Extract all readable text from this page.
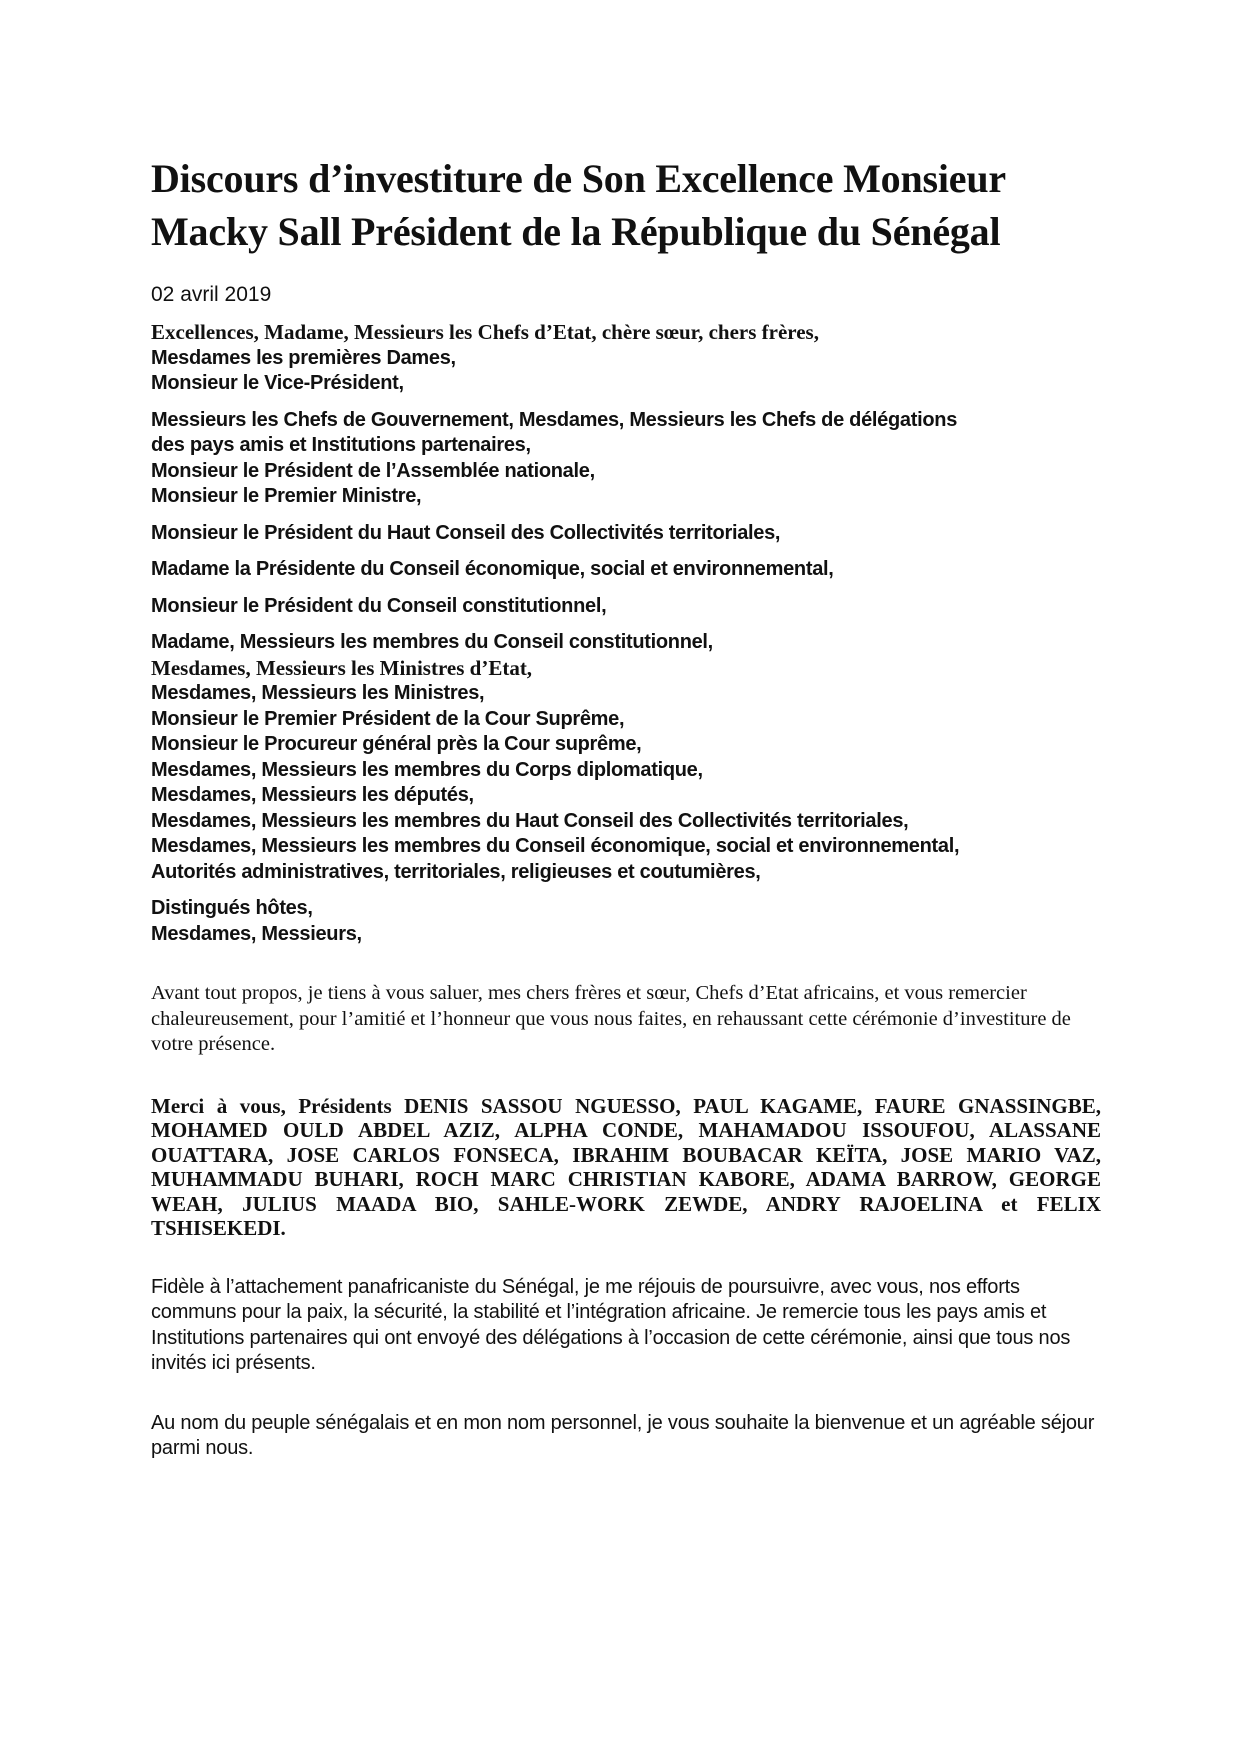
Discours d’investiture de Son Excellence Monsieur Macky Sall Président de la République du Sénégal

02 avril 2019

Excellences, Madame, Messieurs les Chefs d’Etat, chère sœur, chers frères,
Mesdames les premières Dames,
Monsieur le Vice-Président,
Messieurs les Chefs de Gouvernement, Mesdames, Messieurs les Chefs de délégations
des pays amis et Institutions partenaires,
Monsieur le Président de l’Assemblée nationale,
Monsieur le Premier Ministre,
Monsieur le Président du Haut Conseil des Collectivités territoriales,
Madame la Présidente du Conseil économique, social et environnemental,
Monsieur le Président du Conseil constitutionnel,
Madame, Messieurs les membres du Conseil constitutionnel,
Mesdames, Messieurs les Ministres d’Etat,
Mesdames, Messieurs les Ministres,
Monsieur le Premier Président de la Cour Suprême,
Monsieur le Procureur général près la Cour suprême,
Mesdames, Messieurs les membres du Corps diplomatique,
Mesdames, Messieurs les députés,
Mesdames, Messieurs les membres du Haut Conseil des Collectivités territoriales,
Mesdames, Messieurs les membres du Conseil économique, social et environnemental,
Autorités administratives, territoriales, religieuses et coutumières,
Distingués hôtes,
Mesdames, Messieurs,

Avant tout propos, je tiens à vous saluer, mes chers frères et sœur, Chefs d’Etat africains, et vous remercier chaleureusement, pour l’amitié et l’honneur que vous nous faites, en rehaussant cette cérémonie d’investiture de votre présence.

Merci à vous, Présidents DENIS SASSOU NGUESSO, PAUL KAGAME, FAURE GNASSINGBE, MOHAMED OULD ABDEL AZIZ, ALPHA CONDE, MAHAMADOU ISSOUFOU, ALASSANE OUATTARA, JOSE CARLOS FONSECA, IBRAHIM BOUBACAR KEÏTA, JOSE MARIO VAZ, MUHAMMADU BUHARI, ROCH MARC CHRISTIAN KABORE, ADAMA BARROW, GEORGE WEAH, JULIUS MAADA BIO, SAHLE-WORK ZEWDE, ANDRY RAJOELINA et FELIX TSHISEKEDI.

Fidèle à l’attachement panafricaniste du Sénégal, je me réjouis de poursuivre, avec vous, nos efforts communs pour la paix, la sécurité, la stabilité et l’intégration africaine. Je remercie tous les pays amis et Institutions partenaires qui ont envoyé des délégations à l’occasion de cette cérémonie, ainsi que tous nos invités ici présents.

Au nom du peuple sénégalais et en mon nom personnel, je vous souhaite la bienvenue et un agréable séjour parmi nous.
